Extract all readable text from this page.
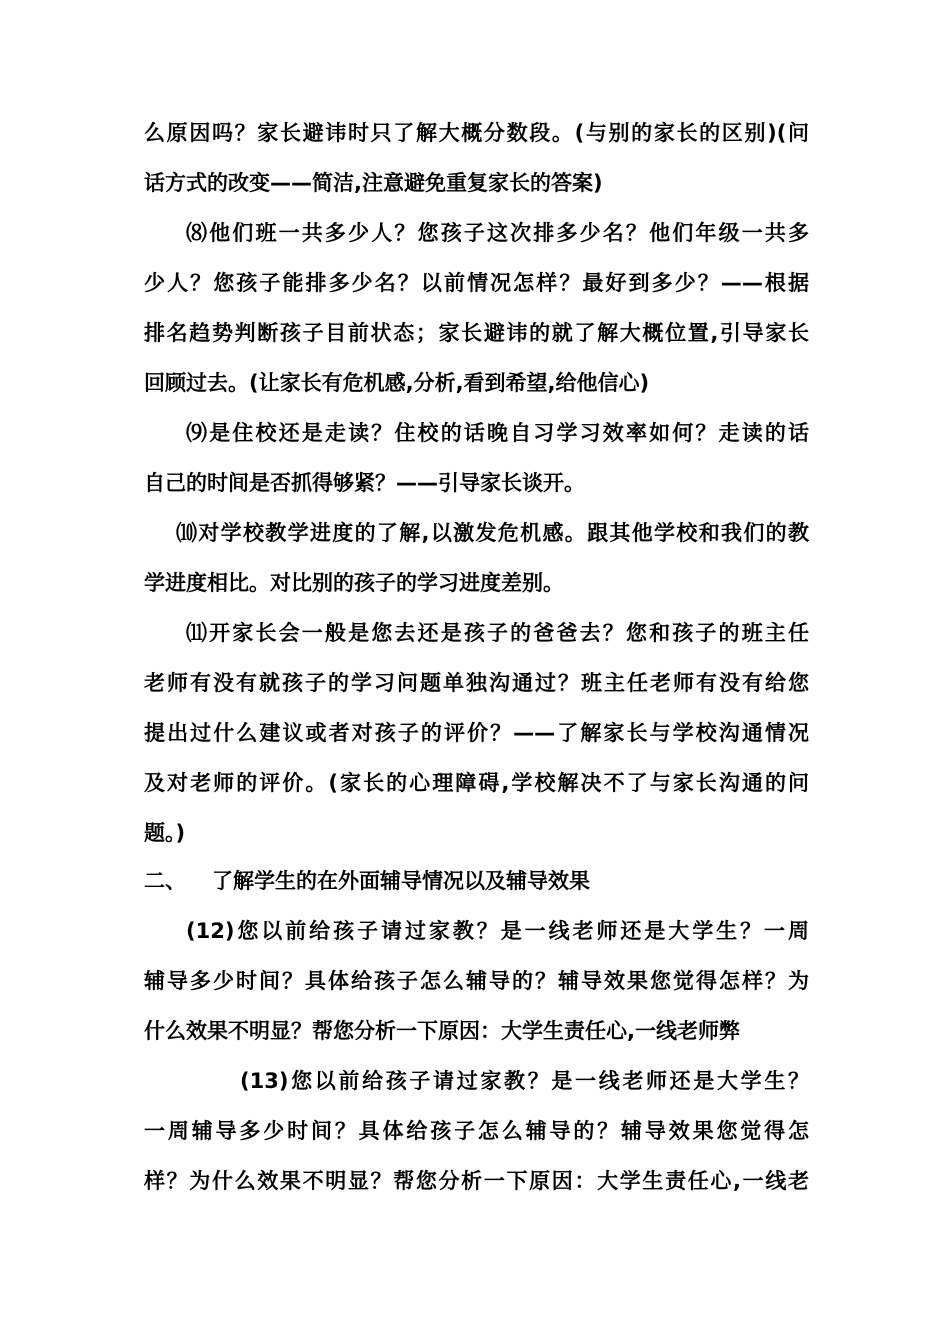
么原因吗？家长避讳时只了解大概分数段。(与别的家长的区别)(问

话方式的改变——简洁,注意避免重复家长的答案)

⑻他们班一共多少人？您孩子这次排多少名？他们年级一共多

少人？您孩子能排多少名？以前情况怎样？最好到多少？——根据

排名趋势判断孩子目前状态；家长避讳的就了解大概位置,引导家长

回顾过去。(让家长有危机感,分析,看到希望,给他信心)

⑼是住校还是走读？住校的话晚自习学习效率如何？走读的话

自己的时间是否抓得够紧？——引导家长谈开。

⑽对学校教学进度的了解,以激发危机感。跟其他学校和我们的教

学进度相比。对比别的孩子的学习进度差别。

⑾开家长会一般是您去还是孩子的爸爸去？您和孩子的班主任

老师有没有就孩子的学习问题单独沟通过？班主任老师有没有给您

提出过什么建议或者对孩子的评价？——了解家长与学校沟通情况

及对老师的评价。(家长的心理障碍,学校解决不了与家长沟通的问

题。)

二、 了解学生的在外面辅导情况以及辅导效果

(12)您以前给孩子请过家教？是一线老师还是大学生？一周

辅导多少时间？具体给孩子怎么辅导的？辅导效果您觉得怎样？为

什么效果不明显？帮您分析一下原因：大学生责任心,一线老师弊

(13)您以前给孩子请过家教？是一线老师还是大学生？

一周辅导多少时间？具体给孩子怎么辅导的？辅导效果您觉得怎

样？为什么效果不明显？帮您分析一下原因：大学生责任心,一线老
